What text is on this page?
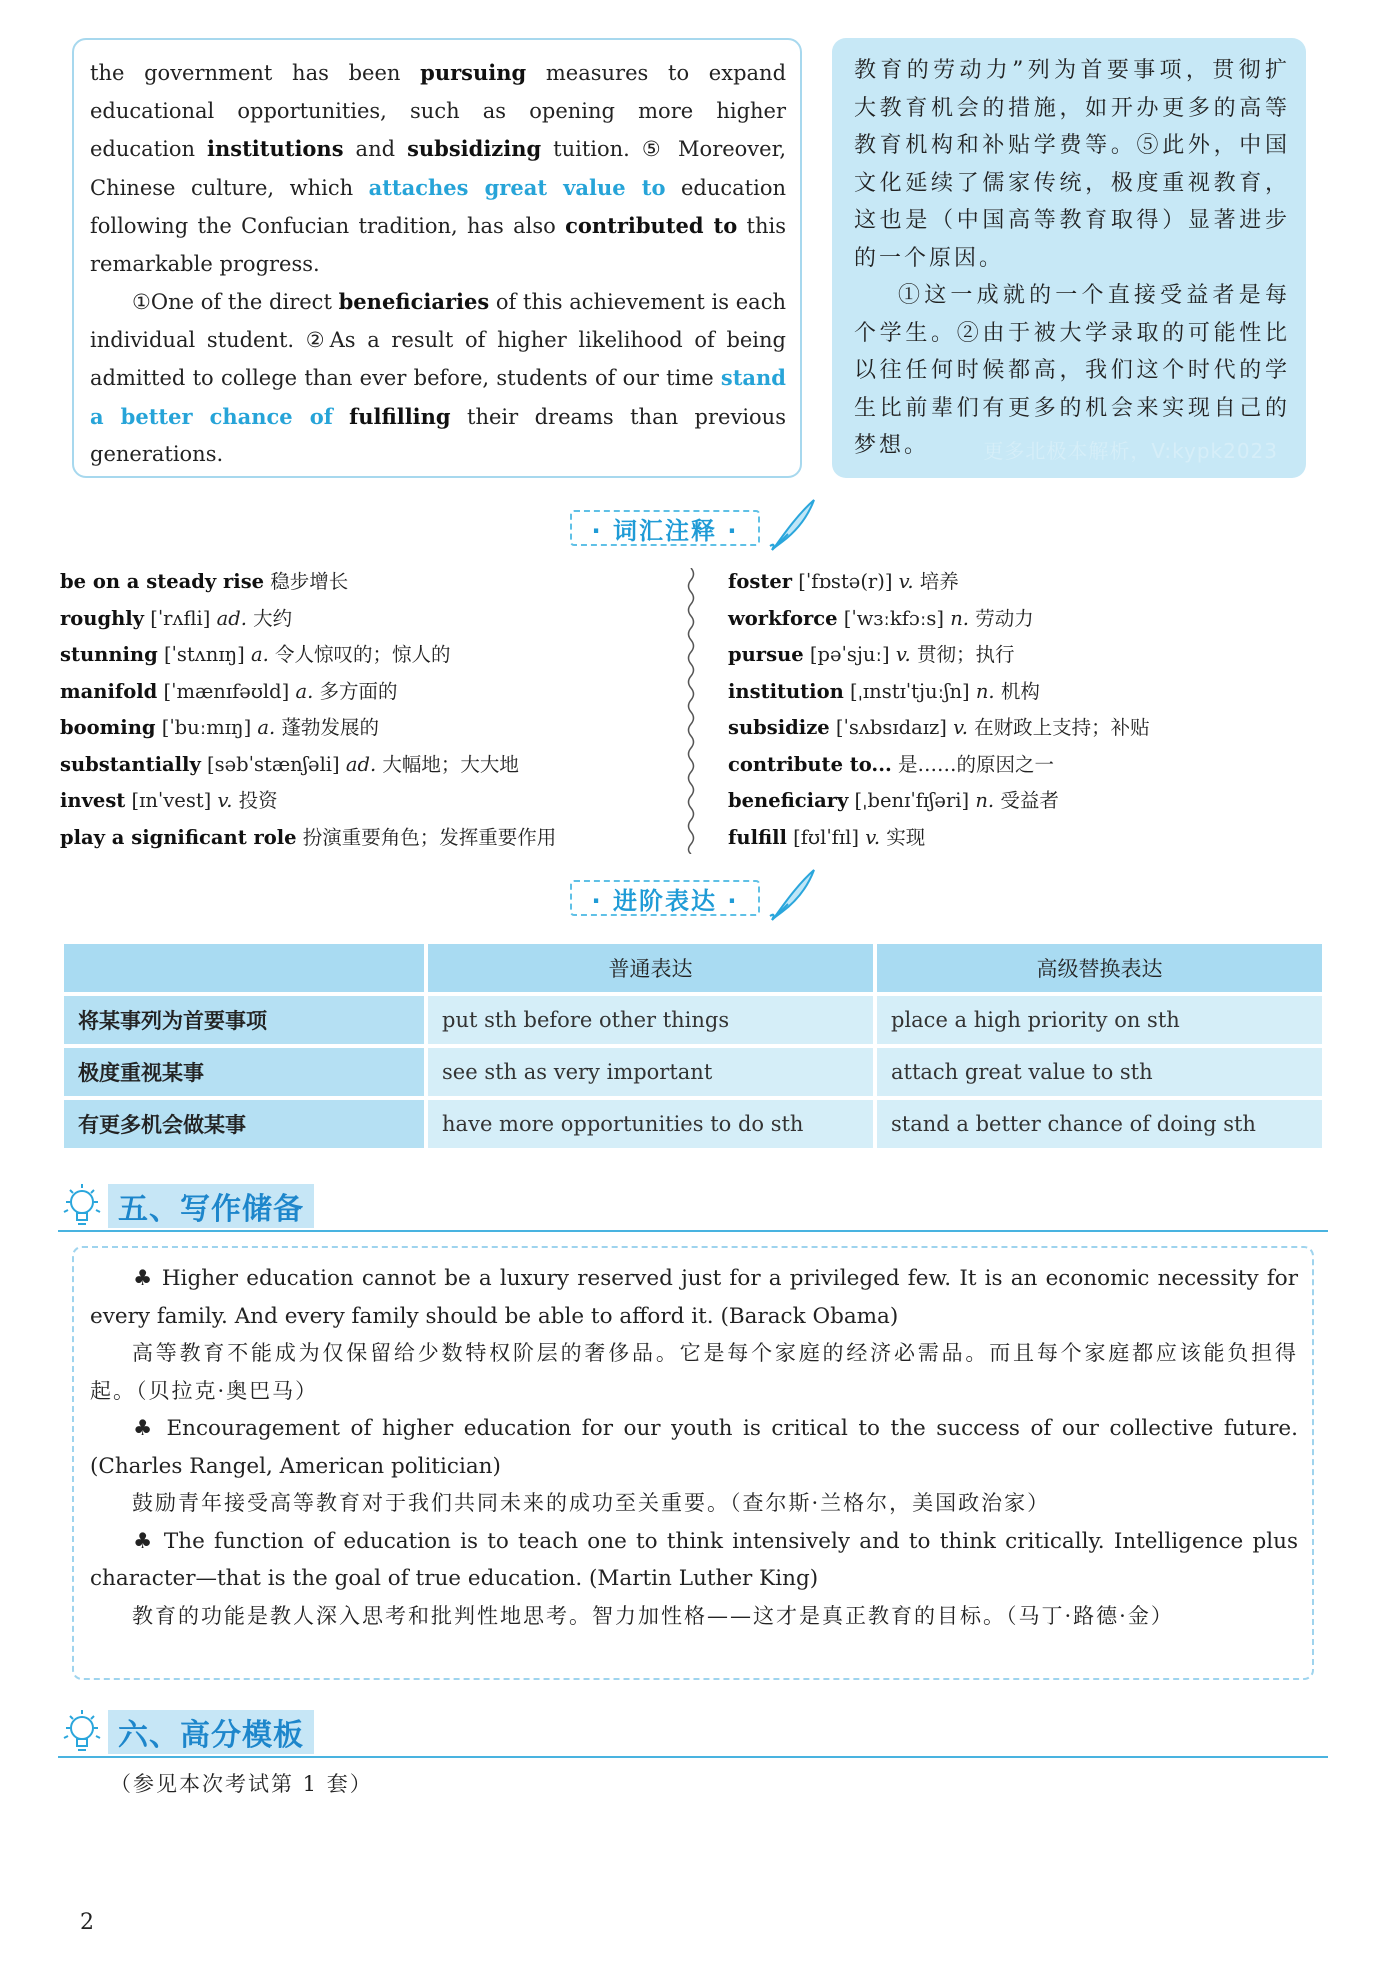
the government has been pursuing measures to expand educational opportunities, such as opening more higher education institutions and subsidizing tuition. ⑤ Moreover, Chinese culture, which attaches great value to education following the Confucian tradition, has also contributed to this remarkable progress.

①One of the direct beneficiaries of this achievement is each individual student. ②As a result of higher likelihood of being admitted to college than ever before, students of our time stand a better chance of fulfilling their dreams than previous generations.

教育的劳动力”列为首要事项，贯彻扩大教育机会的措施，如开办更多的高等教育机构和补贴学费等。⑤此外，中国文化延续了儒家传统，极度重视教育，这也是（中国高等教育取得）显著进步的一个原因。

①这一成就的一个直接受益者是每个学生。②由于被大学录取的可能性比以往任何时候都高，我们这个时代的学生比前辈们有更多的机会来实现自己的梦想。	更多北极本解析，V:kypk2023
· 词汇注释 ·
be on a steady rise 稳步增长
roughly [ˈrʌfli] ad. 大约
stunning [ˈstʌnɪŋ] a. 令人惊叹的；惊人的
manifold [ˈmænɪfəʊld] a. 多方面的
booming [ˈbuːmɪŋ] a. 蓬勃发展的
substantially [səbˈstænʃəli] ad. 大幅地；大大地
invest [ɪnˈvest] v. 投资
play a significant role 扮演重要角色；发挥重要作用
foster [ˈfɒstə(r)] v. 培养
workforce [ˈwɜːkfɔːs] n. 劳动力
pursue [pəˈsjuː] v. 贯彻；执行
institution [ˌɪnstɪˈtjuːʃn] n. 机构
subsidize [ˈsʌbsɪdaɪz] v. 在财政上支持；补贴
contribute to... 是……的原因之一
beneficiary [ˌbenɪˈfɪʃəri] n. 受益者
fulfill [fʊlˈfɪl] v. 实现
· 进阶表达 ·
	普通表达	高级替换表达
将某事列为首要事项	put sth before other things	place a high priority on sth
极度重视某事	see sth as very important	attach great value to sth
有更多机会做某事	have more opportunities to do sth	stand a better chance of doing sth
五、写作储备

♣ Higher education cannot be a luxury reserved just for a privileged few. It is an economic necessity for every family. And every family should be able to afford it. (Barack Obama)

高等教育不能成为仅保留给少数特权阶层的奢侈品。它是每个家庭的经济必需品。而且每个家庭都应该能负担得起。（贝拉克·奥巴马）

♣ Encouragement of higher education for our youth is critical to the success of our collective future. (Charles Rangel, American politician)

鼓励青年接受高等教育对于我们共同未来的成功至关重要。（查尔斯·兰格尔，美国政治家）

♣ The function of education is to teach one to think intensively and to think critically. Intelligence plus character—that is the goal of true education. (Martin Luther King)

教育的功能是教人深入思考和批判性地思考。智力加性格——这才是真正教育的目标。（马丁·路德·金）

六、高分模板
（参见本次考试第 1 套）
2
